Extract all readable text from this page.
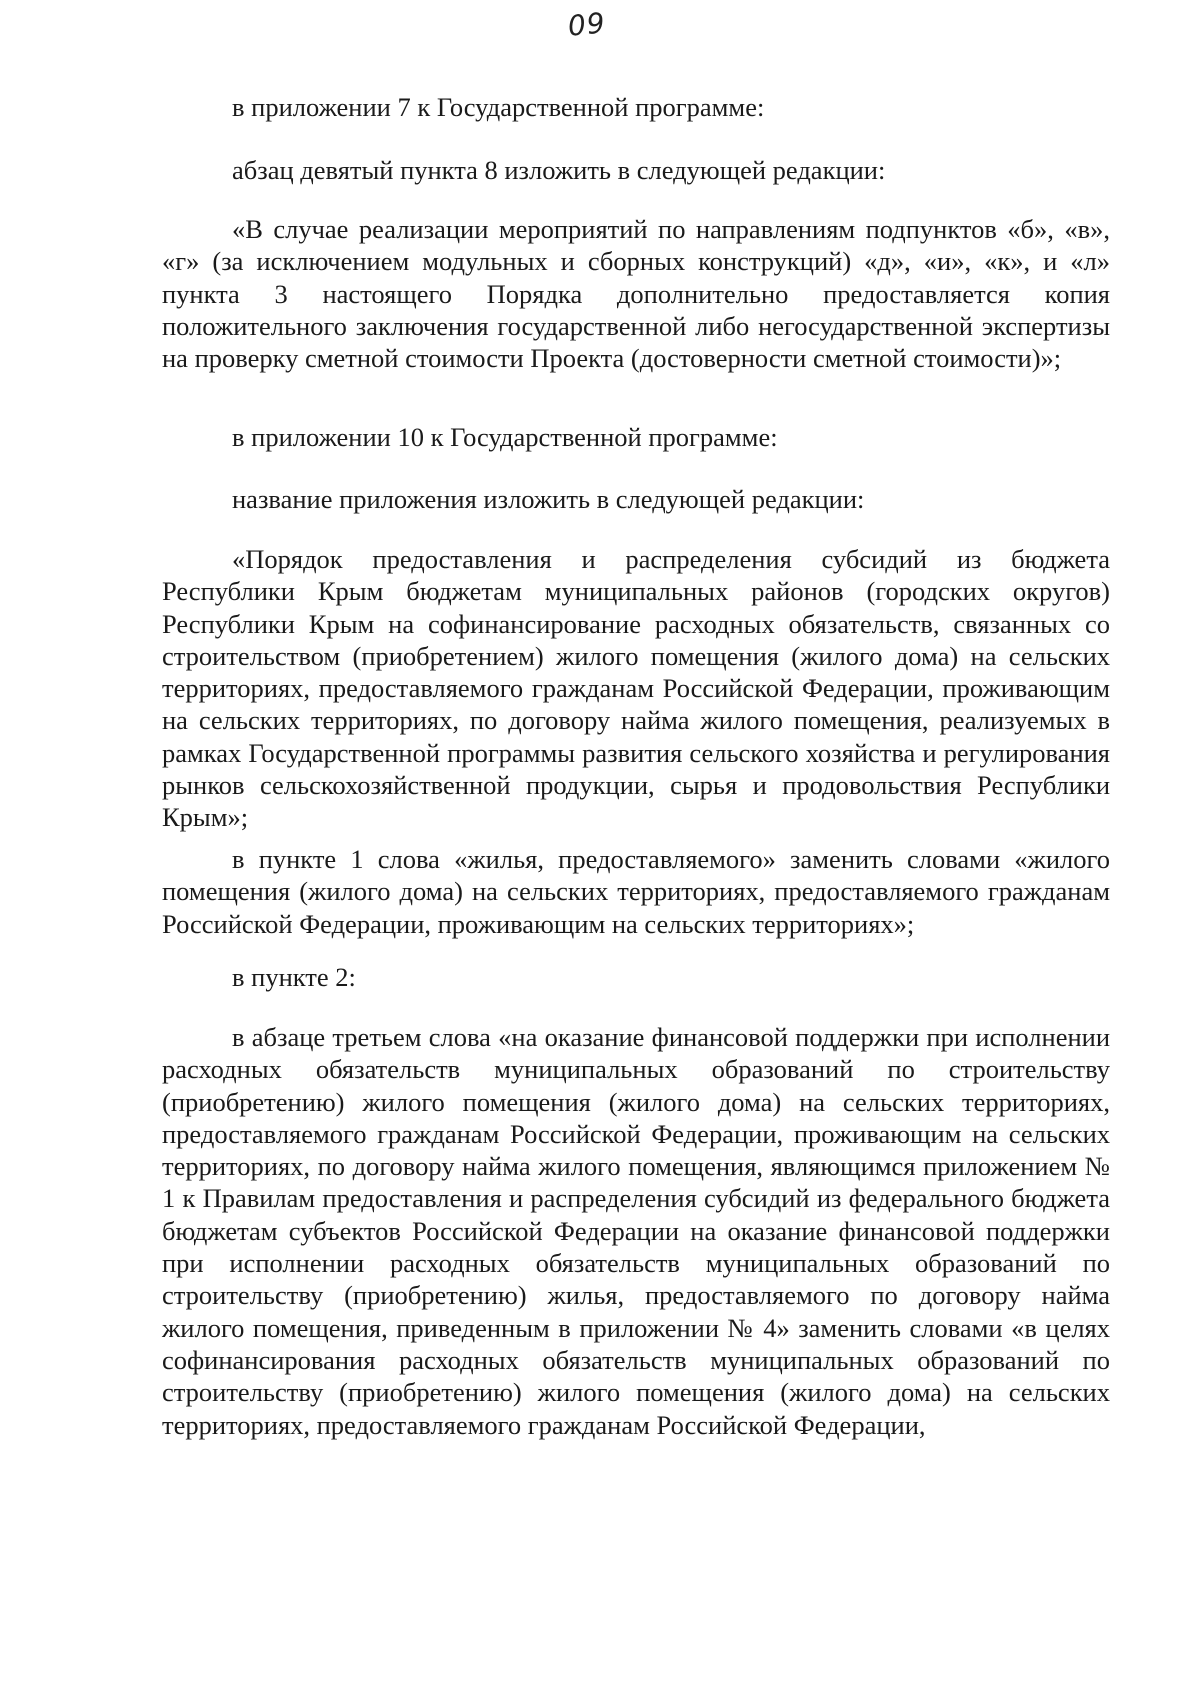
09

в приложении 7 к Государственной программе:

абзац девятый пункта 8 изложить в следующей редакции:

«В случае реализации мероприятий по направлениям подпунктов «б», «в», «г» (за исключением модульных и сборных конструкций) «д», «и», «к», и «л» пункта 3 настоящего Порядка дополнительно предоставляется копия положительного заключения государственной либо негосударственной экспертизы на проверку сметной стоимости Проекта (достоверности сметной стоимости)»;

в приложении 10 к Государственной программе:

название приложения изложить в следующей редакции:

«Порядок предоставления и распределения субсидий из бюджета Республики Крым бюджетам муниципальных районов (городских округов) Республики Крым на софинансирование расходных обязательств, связанных со строительством (приобретением) жилого помещения (жилого дома) на сельских территориях, предоставляемого гражданам Российской Федерации, проживающим на сельских территориях, по договору найма жилого помещения, реализуемых в рамках Государственной программы развития сельского хозяйства и регулирования рынков сельскохозяйственной продукции, сырья и продовольствия Республики Крым»;

в пункте 1 слова «жилья, предоставляемого» заменить словами «жилого помещения (жилого дома) на сельских территориях, предоставляемого гражданам Российской Федерации, проживающим на сельских территориях»;

в пункте 2:

в абзаце третьем слова «на оказание финансовой поддержки при исполнении расходных обязательств муниципальных образований по строительству (приобретению) жилого помещения (жилого дома) на сельских территориях, предоставляемого гражданам Российской Федерации, проживающим на сельских территориях, по договору найма жилого помещения, являющимся приложением № 1 к Правилам предоставления и распределения субсидий из федерального бюджета бюджетам субъектов Российской Федерации на оказание финансовой поддержки при исполнении расходных обязательств муниципальных образований по строительству (приобретению) жилья, предоставляемого по договору найма жилого помещения, приведенным в приложении № 4» заменить словами «в целях софинансирования расходных обязательств муниципальных образований по строительству (приобретению) жилого помещения (жилого дома) на сельских территориях, предоставляемого гражданам Российской Федерации,
